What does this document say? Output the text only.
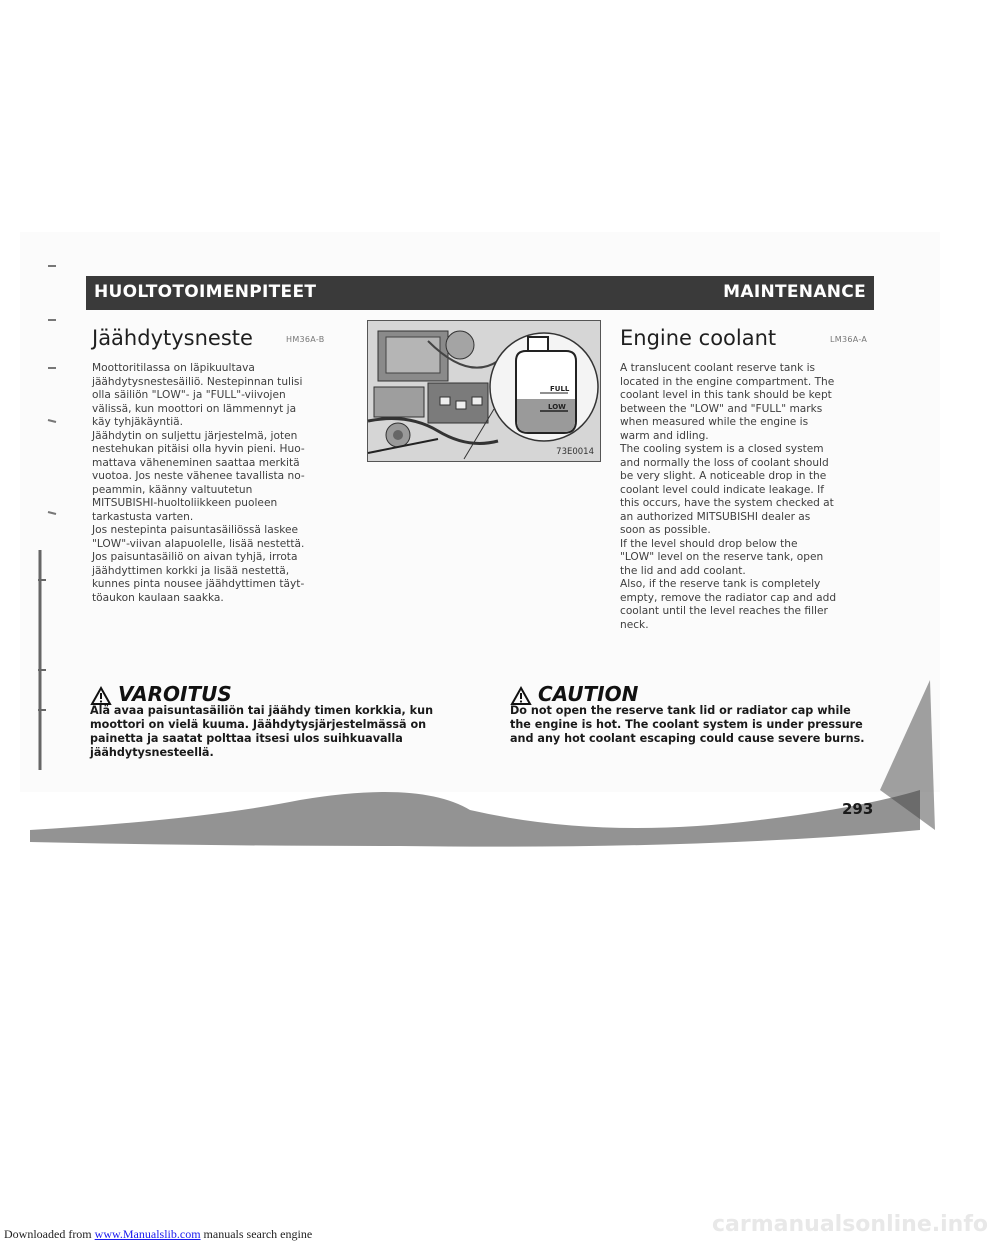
HUOLTOTOIMENPITEET	MAINTENANCE
Jäähdytysneste	HM36A-B

Moottoritilassa on läpikuultava

jäähdytysnestesäiliö. Nestepinnan tulisi

olla säiliön "LOW"- ja "FULL"-viivojen

välissä, kun moottori on lämmennyt ja

käy tyhjäkäyntiä.

Jäähdytin on suljettu järjestelmä, joten

nestehukan pitäisi olla hyvin pieni. Huo-

mattava väheneminen saattaa merkitä

vuotoa. Jos neste vähenee tavallista no-

peammin, käänny valtuutetun

MITSUBISHI-huoltoliikkeen puoleen

tarkastusta varten.

Jos nestepinta paisuntasäiliössä laskee

"LOW"-viivan alapuolelle, lisää nestettä.

Jos paisuntasäiliö on aivan tyhjä, irrota

jäähdyttimen korkki ja lisää nestettä,

kunnes pinta nousee jäähdyttimen täyt-

töaukon kaulaan saakka.

FULL
LOW
73E0014
Engine coolant	LM36A-A

A translucent coolant reserve tank is

located in the engine compartment. The

coolant level in this tank should be kept

between the "LOW" and "FULL" marks

when measured while the engine is

warm and idling.

The cooling system is a closed system

and normally the loss of coolant should

be very slight. A noticeable drop in the

coolant level could indicate leakage. If

this occurs, have the system checked at

an authorized MITSUBISHI dealer as

soon as possible.

If the level should drop below the

"LOW" level on the reserve tank, open

the lid and add coolant.

Also, if the reserve tank is completely

empty, remove the radiator cap and add

coolant until the level reaches the filler

neck.

VAROITUS
Älä avaa paisuntasäiliön tai jäähdy timen korkkia, kun
moottori on vielä kuuma. Jäähdytysjärjestelmässä on
painetta ja saatat polttaa itsesi ulos suihkuavalla
jäähdytysnesteellä.
CAUTION
Do not open the reserve tank lid or radiator cap while
the engine is hot. The coolant system is under pressure
and any hot coolant escaping could cause severe burns.
293
Downloaded from www.Manualslib.com manuals search engine	carmanualsonline.info
